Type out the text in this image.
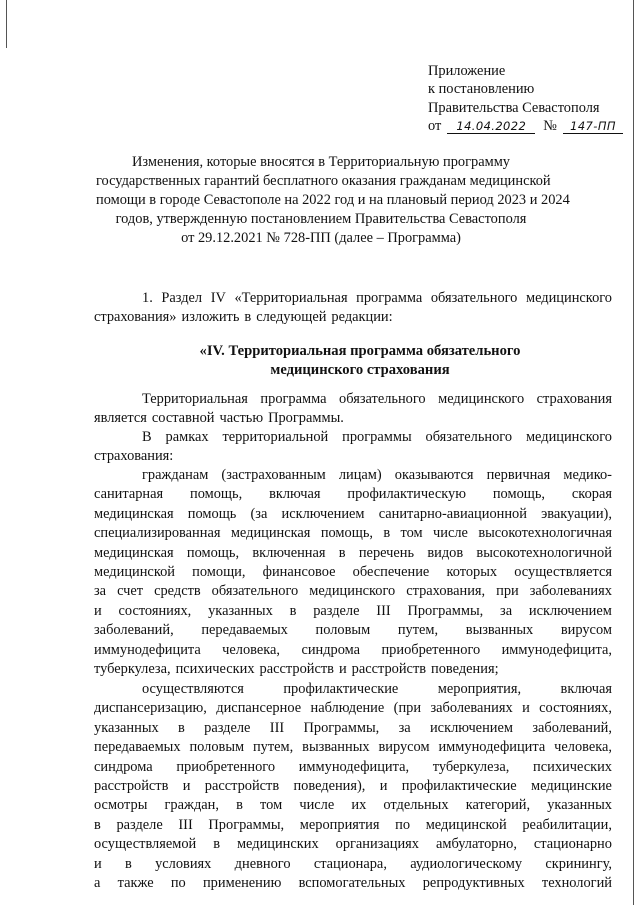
Приложение
к постановлению
Правительства Севастополя
от 14.04.2022 № 147-ПП
Изменения, которые вносятся в Территориальную программу
государственных гарантий бесплатного оказания гражданам медицинской
помощи в городе Севастополе на 2022 год и на плановый период 2023 и 2024
годов, утвержденную постановлением Правительства Севастополя
от 29.12.2021 № 728-ПП (далее – Программа)
1. Раздел IV «Территориальная программа обязательного медицинского
страхования» изложить в следующей редакции:
«IV. Территориальная программа обязательного
медицинского страхования
Территориальная программа обязательного медицинского страхования
является составной частью Программы.
В рамках территориальной программы обязательного медицинского
страхования:
гражданам (застрахованным лицам) оказываются первичная медико-
санитарная помощь, включая профилактическую помощь, скорая
медицинская помощь (за исключением санитарно-авиационной эвакуации),
специализированная медицинская помощь, в том числе высокотехнологичная
медицинская помощь, включенная в перечень видов высокотехнологичной
медицинской помощи, финансовое обеспечение которых осуществляется
за счет средств обязательного медицинского страхования, при заболеваниях
и состояниях, указанных в разделе III Программы, за исключением
заболеваний, передаваемых половым путем, вызванных вирусом
иммунодефицита человека, синдрома приобретенного иммунодефицита,
туберкулеза, психических расстройств и расстройств поведения;
осуществляются	профилактические	мероприятия,	включая
диспансеризацию, диспансерное наблюдение (при заболеваниях и состояниях,
указанных в разделе III Программы, за исключением заболеваний,
передаваемых половым путем, вызванных вирусом иммунодефицита человека,
синдрома приобретенного иммунодефицита, туберкулеза, психических
расстройств и расстройств поведения), и профилактические медицинские
осмотры граждан, в том числе их отдельных категорий, указанных
в разделе III Программы, мероприятия по медицинской реабилитации,
осуществляемой в медицинских организациях амбулаторно, стационарно
и в условиях дневного стационара, аудиологическому скринингу,
а также по применению вспомогательных репродуктивных технологий
